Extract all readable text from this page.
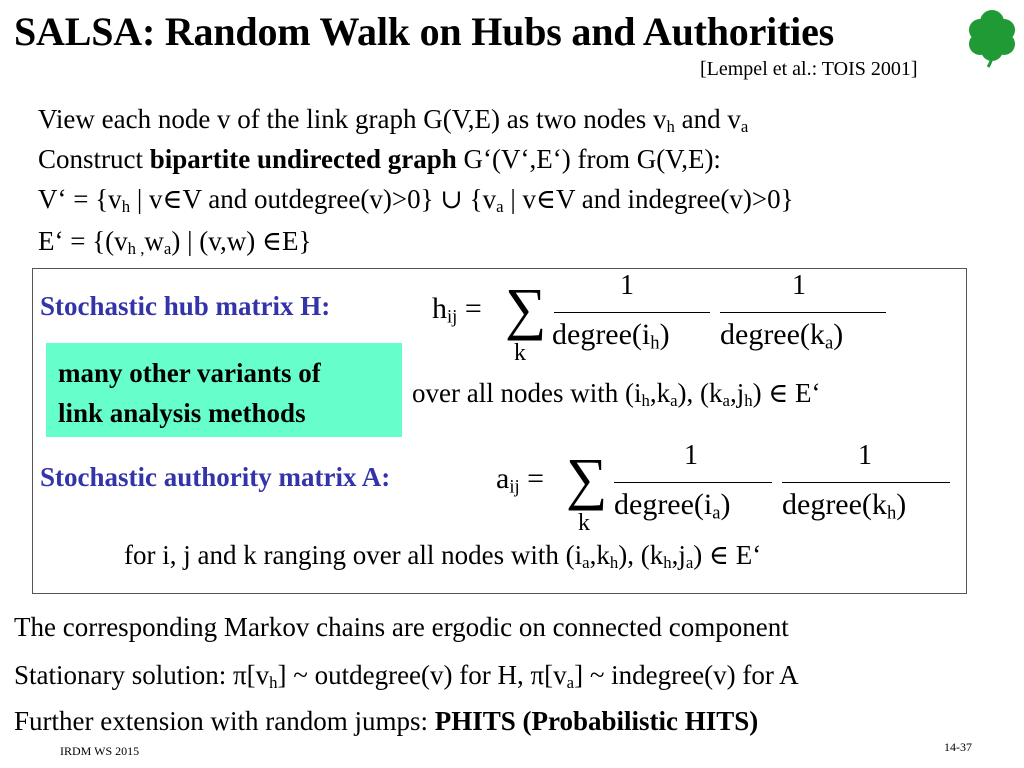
SALSA: Random Walk on Hubs and Authorities
[Lempel et al.: TOIS 2001]
View each node v of the link graph G(V,E) as two nodes $v_h$ and $v_a$
Construct bipartite undirected graph G‘(V‘,E‘) from G(V,E):
V‘ = {$v_h$ | v∈V and outdegree(v)>0} ∪ {$v_a$ | v∈V and indegree(v)>0}
E‘ = {$(v_{h ,}w_a)$ | (v,w) ∈E}
Stochastic hub matrix H:	$h_{ij}$ = ∑
k
1
$degree(i_h)$
1
$degree(k_a)$
many other variants of
link analysis methods
over all nodes with $(i_h,k_a)$, $(k_a,j_h)$ ∈ E‘
Stochastic authority matrix A:	$a_{ij}$ = ∑
k
1
$degree(i_a)$
1
$degree(k_h)$
for i, j and k ranging over all nodes with $(i_a,k_h)$, $(k_h,j_a)$ ∈ E‘
The corresponding Markov chains are ergodic on connected component
Stationary solution: $\pi[v_h]$ ~ outdegree(v) for H, $\pi[v_a]$ ~ indegree(v) for A
Further extension with random jumps: PHITS (Probabilistic HITS)
IRDM WS 2015	14-37
